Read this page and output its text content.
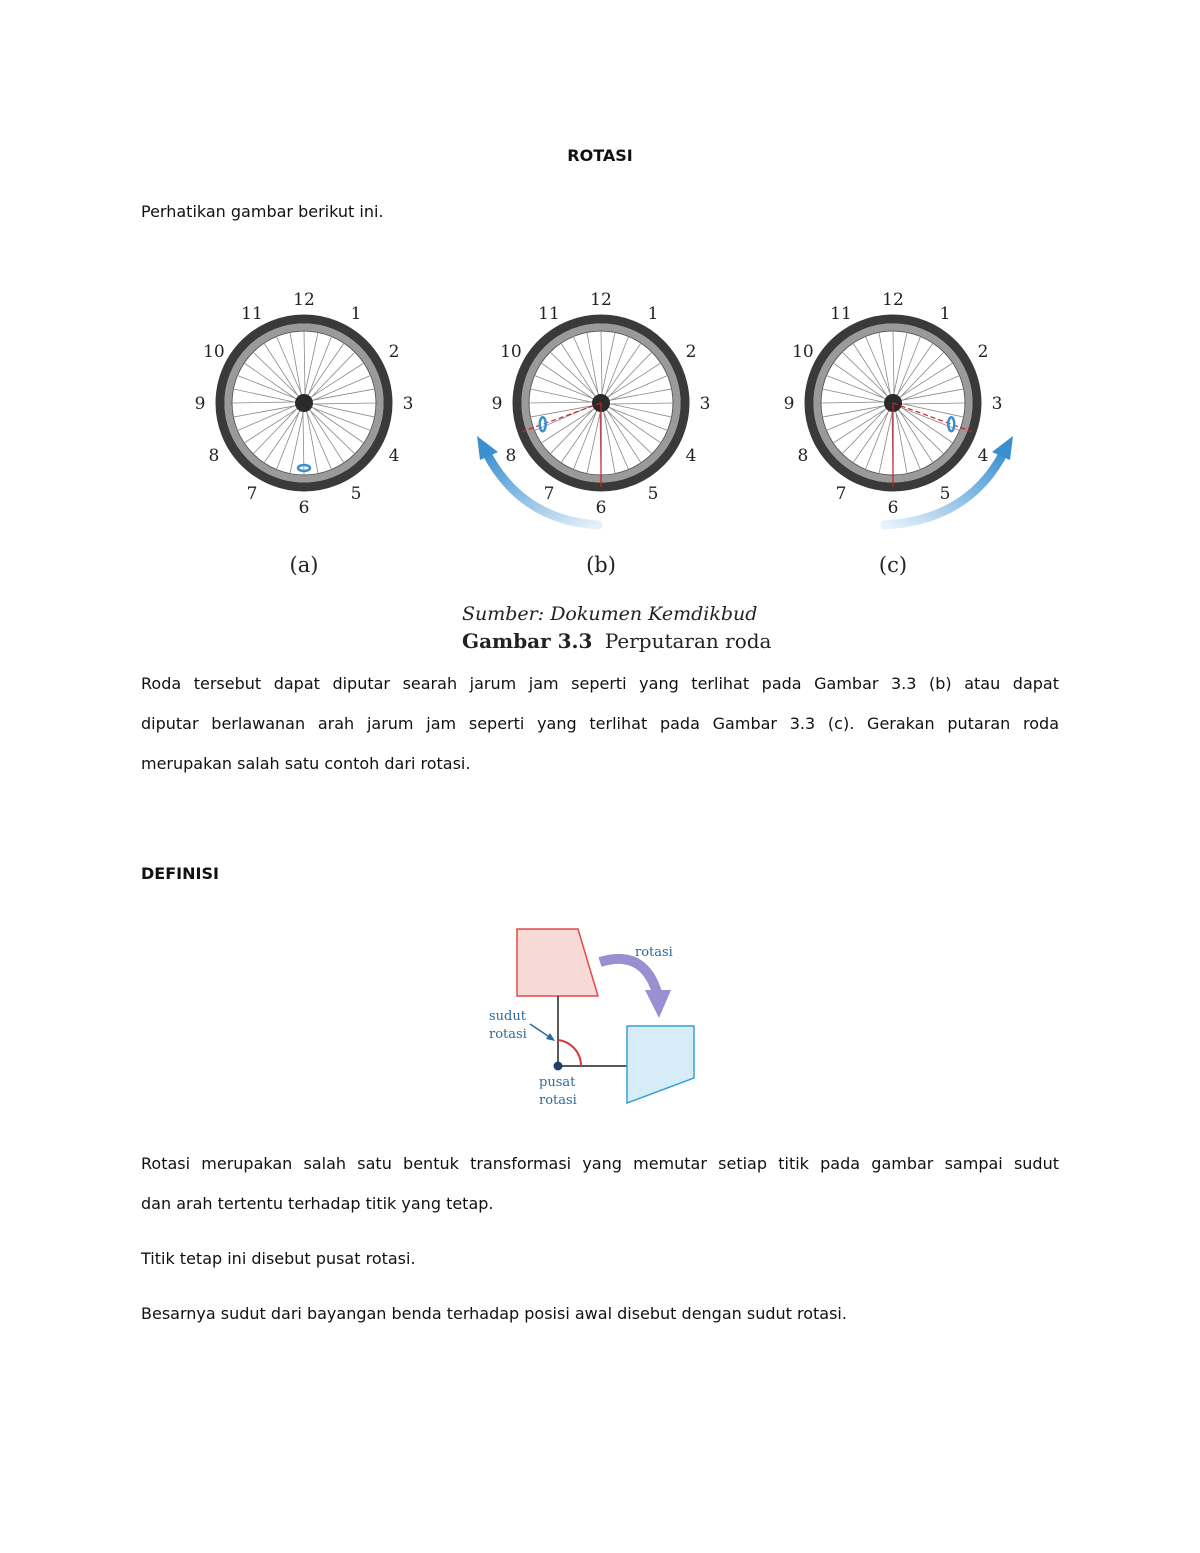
ROTASI
Perhatikan gambar berikut ini.
12
1
2
3
4
5
6
7
8
9
10
11
12
1
2
3
4
5
6
7
8
9
10
11
12
1
2
3
4
5
6
7
8
9
10
11
(a)	(b)	(c)
Sumber: Dokumen Kemdikbud
Gambar 3.3 Perputaran roda
Roda tersebut dapat diputar searah jarum jam seperti yang terlihat pada Gambar 3.3 (b) atau dapat
diputar berlawanan arah jarum jam seperti yang terlihat pada Gambar 3.3 (c). Gerakan putaran roda
merupakan salah satu contoh dari rotasi.
DEFINISI
rotasi
sudut
rotasi
pusat
rotasi
Rotasi merupakan salah satu bentuk transformasi yang memutar setiap titik pada gambar sampai sudut
dan arah tertentu terhadap titik yang tetap.
Titik tetap ini disebut pusat rotasi.
Besarnya sudut dari bayangan benda terhadap posisi awal disebut dengan sudut rotasi.
